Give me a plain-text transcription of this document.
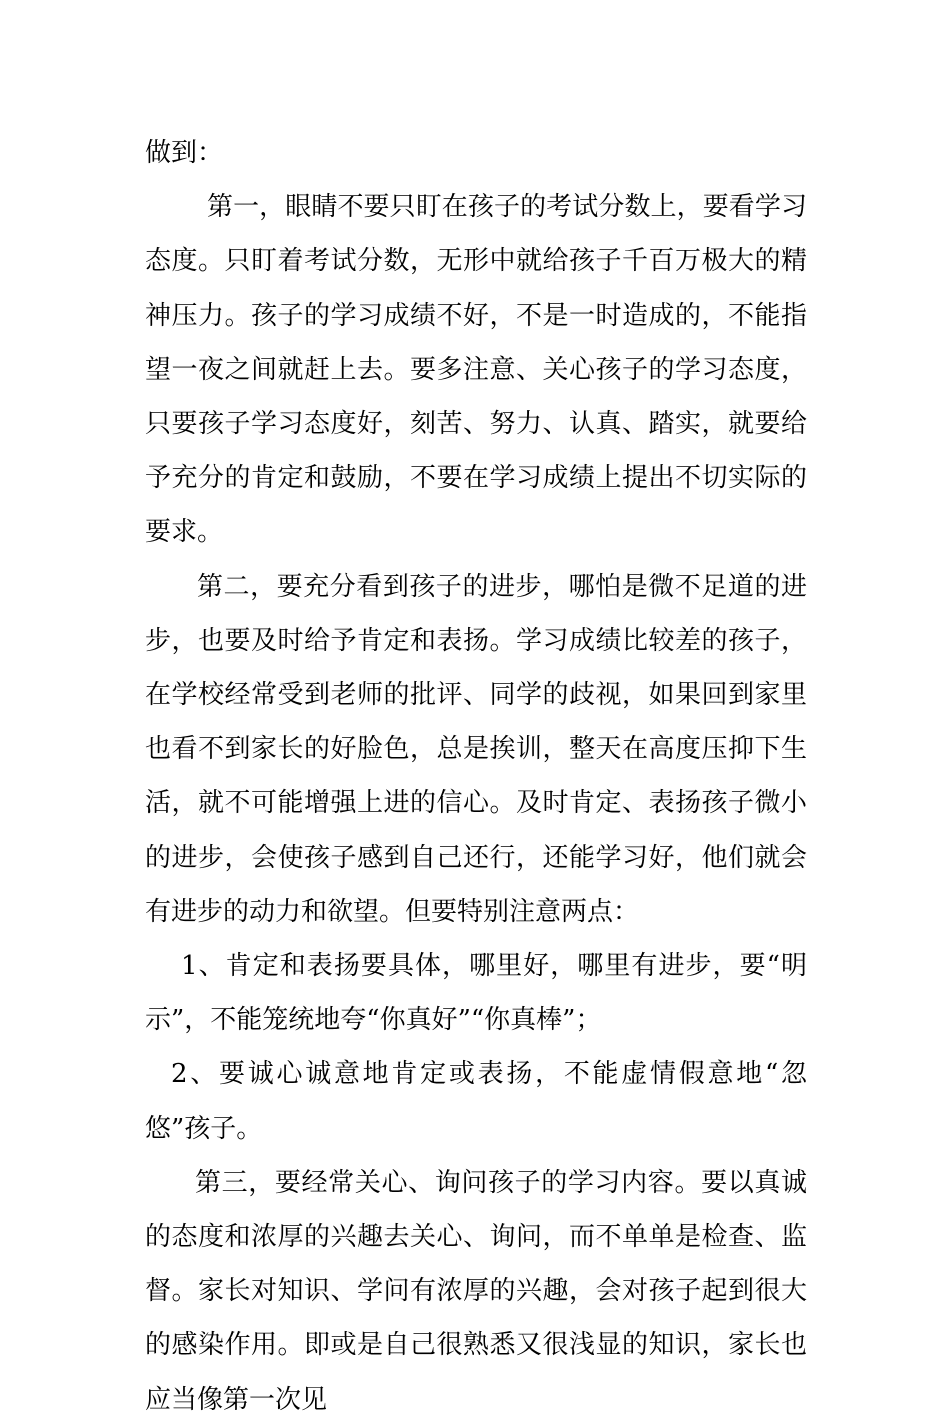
做到：

第一，眼睛不要只盯在孩子的考试分数上，要看学习态度。只盯着考试分数，无形中就给孩子千百万极大的精神压力。孩子的学习成绩不好，不是一时造成的，不能指望一夜之间就赶上去。要多注意、关心孩子的学习态度，只要孩子学习态度好，刻苦、努力、认真、踏实，就要给予充分的肯定和鼓励，不要在学习成绩上提出不切实际的要求。

第二，要充分看到孩子的进步，哪怕是微不足道的进步，也要及时给予肯定和表扬。学习成绩比较差的孩子，在学校经常受到老师的批评、同学的歧视，如果回到家里也看不到家长的好脸色，总是挨训，整天在高度压抑下生活，就不可能增强上进的信心。及时肯定、表扬孩子微小的进步，会使孩子感到自己还行，还能学习好，他们就会有进步的动力和欲望。但要特别注意两点：

1、肯定和表扬要具体，哪里好，哪里有进步，要“明示”，不能笼统地夸“你真好”“你真棒”；

2、要诚心诚意地肯定或表扬，不能虚情假意地“忽悠”孩子。

第三，要经常关心、询问孩子的学习内容。要以真诚的态度和浓厚的兴趣去关心、询问，而不单单是检查、监督。家长对知识、学问有浓厚的兴趣，会对孩子起到很大的感染作用。即或是自己很熟悉又很浅显的知识，家长也应当像第一次见
